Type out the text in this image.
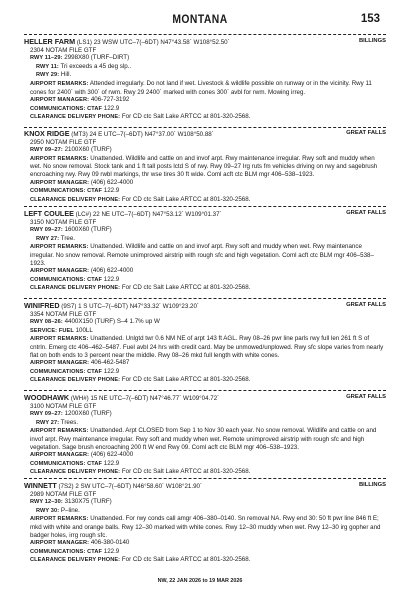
MONTANA	153
BILLINGS
HELLER FARM (LS1) 23 WSW UTC–7(–6DT) N47°43.58´ W108°52.50´
2304 NOTAM FILE GTF
RWY 11–29: 2998X80 (TURF–DIRT)
RWY 11: Tri exceeds a 45 deg slp..
RWY 29: Hill.
AIRPORT REMARKS: Attended irregularly. Do not land if wet. Livestock & wildlife possible on runway or in the vicinity. Rwy 11 cones for 2400´ with 300´ of rwm. Rwy 29 2400´ marked with cones 300´ avbl for rwm. Mowing irreg.
AIRPORT MANAGER: 406-727-3192
COMMUNICATIONS: CTAF 122.9
CLEARANCE DELIVERY PHONE: For CD ctc Salt Lake ARTCC at 801-320-2568.
GREAT FALLS
KNOX RIDGE (MT3) 24 E UTC–7(–6DT) N47°37.00´ W108°50.88´
2950 NOTAM FILE GTF
RWY 09–27: 2100X60 (TURF)
AIRPORT REMARKS: Unattended. Wildlife and cattle on and invof arpt. Rwy maintenance irregular. Rwy soft and muddy when wet. No snow removal. Stock tank and 1 ft tall posts lctd S of rwy. Rwy 09–27 Irg ruts fm vehicles driving on rwy and sagebrush encroaching rwy. Rwy 09 rwbl markings, thr wse tires 30 ft wide. Coml acft ctc BLM mgr 406–538–1923.
AIRPORT MANAGER: (406) 622-4000
COMMUNICATIONS: CTAF 122.9
CLEARANCE DELIVERY PHONE: For CD ctc Salt Lake ARTCC at 801-320-2568.
GREAT FALLS
LEFT COULEE (LC#) 22 NE UTC–7(–6DT) N47°53.12´ W109°01.37´
3150 NOTAM FILE GTF
RWY 09–27: 1600X60 (TURF)
RWY 27: Tree.
AIRPORT REMARKS: Unattended. Wildlife and cattle on and invof arpt. Rwy soft and muddy when wet. Rwy maintenance irregular. No snow removal. Remote unimproved airstrip with rough sfc and high vegetation. Coml acft ctc BLM mgr 406–538–1923.
AIRPORT MANAGER: (406) 622-4000
COMMUNICATIONS: CTAF 122.9
CLEARANCE DELIVERY PHONE: For CD ctc Salt Lake ARTCC at 801-320-2568.
GREAT FALLS
WINIFRED (9S7) 1 S UTC–7(–6DT) N47°33.32´ W109°23.20´
3354 NOTAM FILE GTF
RWY 08–26: 4400X150 (TURF) S–4 1.7% up W
SERVICE: FUEL 100LL
AIRPORT REMARKS: Unattended. Unlgtd twr 0.6 NM NE of arpt 143 ft AGL. Rwy 08–26 pwr line parls rwy full len 261 ft S of cntrln. Emerg ctc 406–462–5487. Fuel avbl 24 hrs with credit card. May be unmowed/unplowed. Rwy sfc slope varies from nearly flat on both ends to 3 percent near the middle. Rwy 08–26 mkd full length with white cones.
AIRPORT MANAGER: 406-462-5487
COMMUNICATIONS: CTAF 122.9
CLEARANCE DELIVERY PHONE: For CD ctc Salt Lake ARTCC at 801-320-2568.
GREAT FALLS
WOODHAWK (WH#) 15 NE UTC–7(–6DT) N47°46.77´ W109°04.72´
3100 NOTAM FILE GTF
RWY 09–27: 1200X60 (TURF)
RWY 27: Trees.
AIRPORT REMARKS: Unattended. Arpt CLOSED from Sep 1 to Nov 30 each year. No snow removal. Wildlife and cattle on and invof arpt. Rwy maintenance irregular. Rwy soft and muddy when wet. Remote unimproved airstrip with rough sfc and high vegetation. Sage brush encroaching 200 ft W end Rwy 09. Coml acft ctc BLM mgr 406–538–1923.
AIRPORT MANAGER: (406) 622-4000
COMMUNICATIONS: CTAF 122.9
CLEARANCE DELIVERY PHONE: For CD ctc Salt Lake ARTCC at 801-320-2568.
BILLINGS
WINNETT (7S2) 2 SW UTC–7(–6DT) N46°58.60´ W108°21.90´
2989 NOTAM FILE GTF
RWY 12–30: 3130X75 (TURF)
RWY 30: P–line.
AIRPORT REMARKS: Unattended. For rwy conds call amgr 406–380–0140. Sn removal NA. Rwy end 30: 50 ft pwr line 846 ft E; mkd with white and orange balls. Rwy 12–30 marked with white cones. Rwy 12–30 muddy when wet. Rwy 12–30 irg gopher and badger holes, irrg rough sfc.
AIRPORT MANAGER: 406-380-0140
COMMUNICATIONS: CTAF 122.9
CLEARANCE DELIVERY PHONE: For CD ctc Salt Lake ARTCC at 801-320-2568.
NW, 22 JAN 2026 to 19 MAR 2026
